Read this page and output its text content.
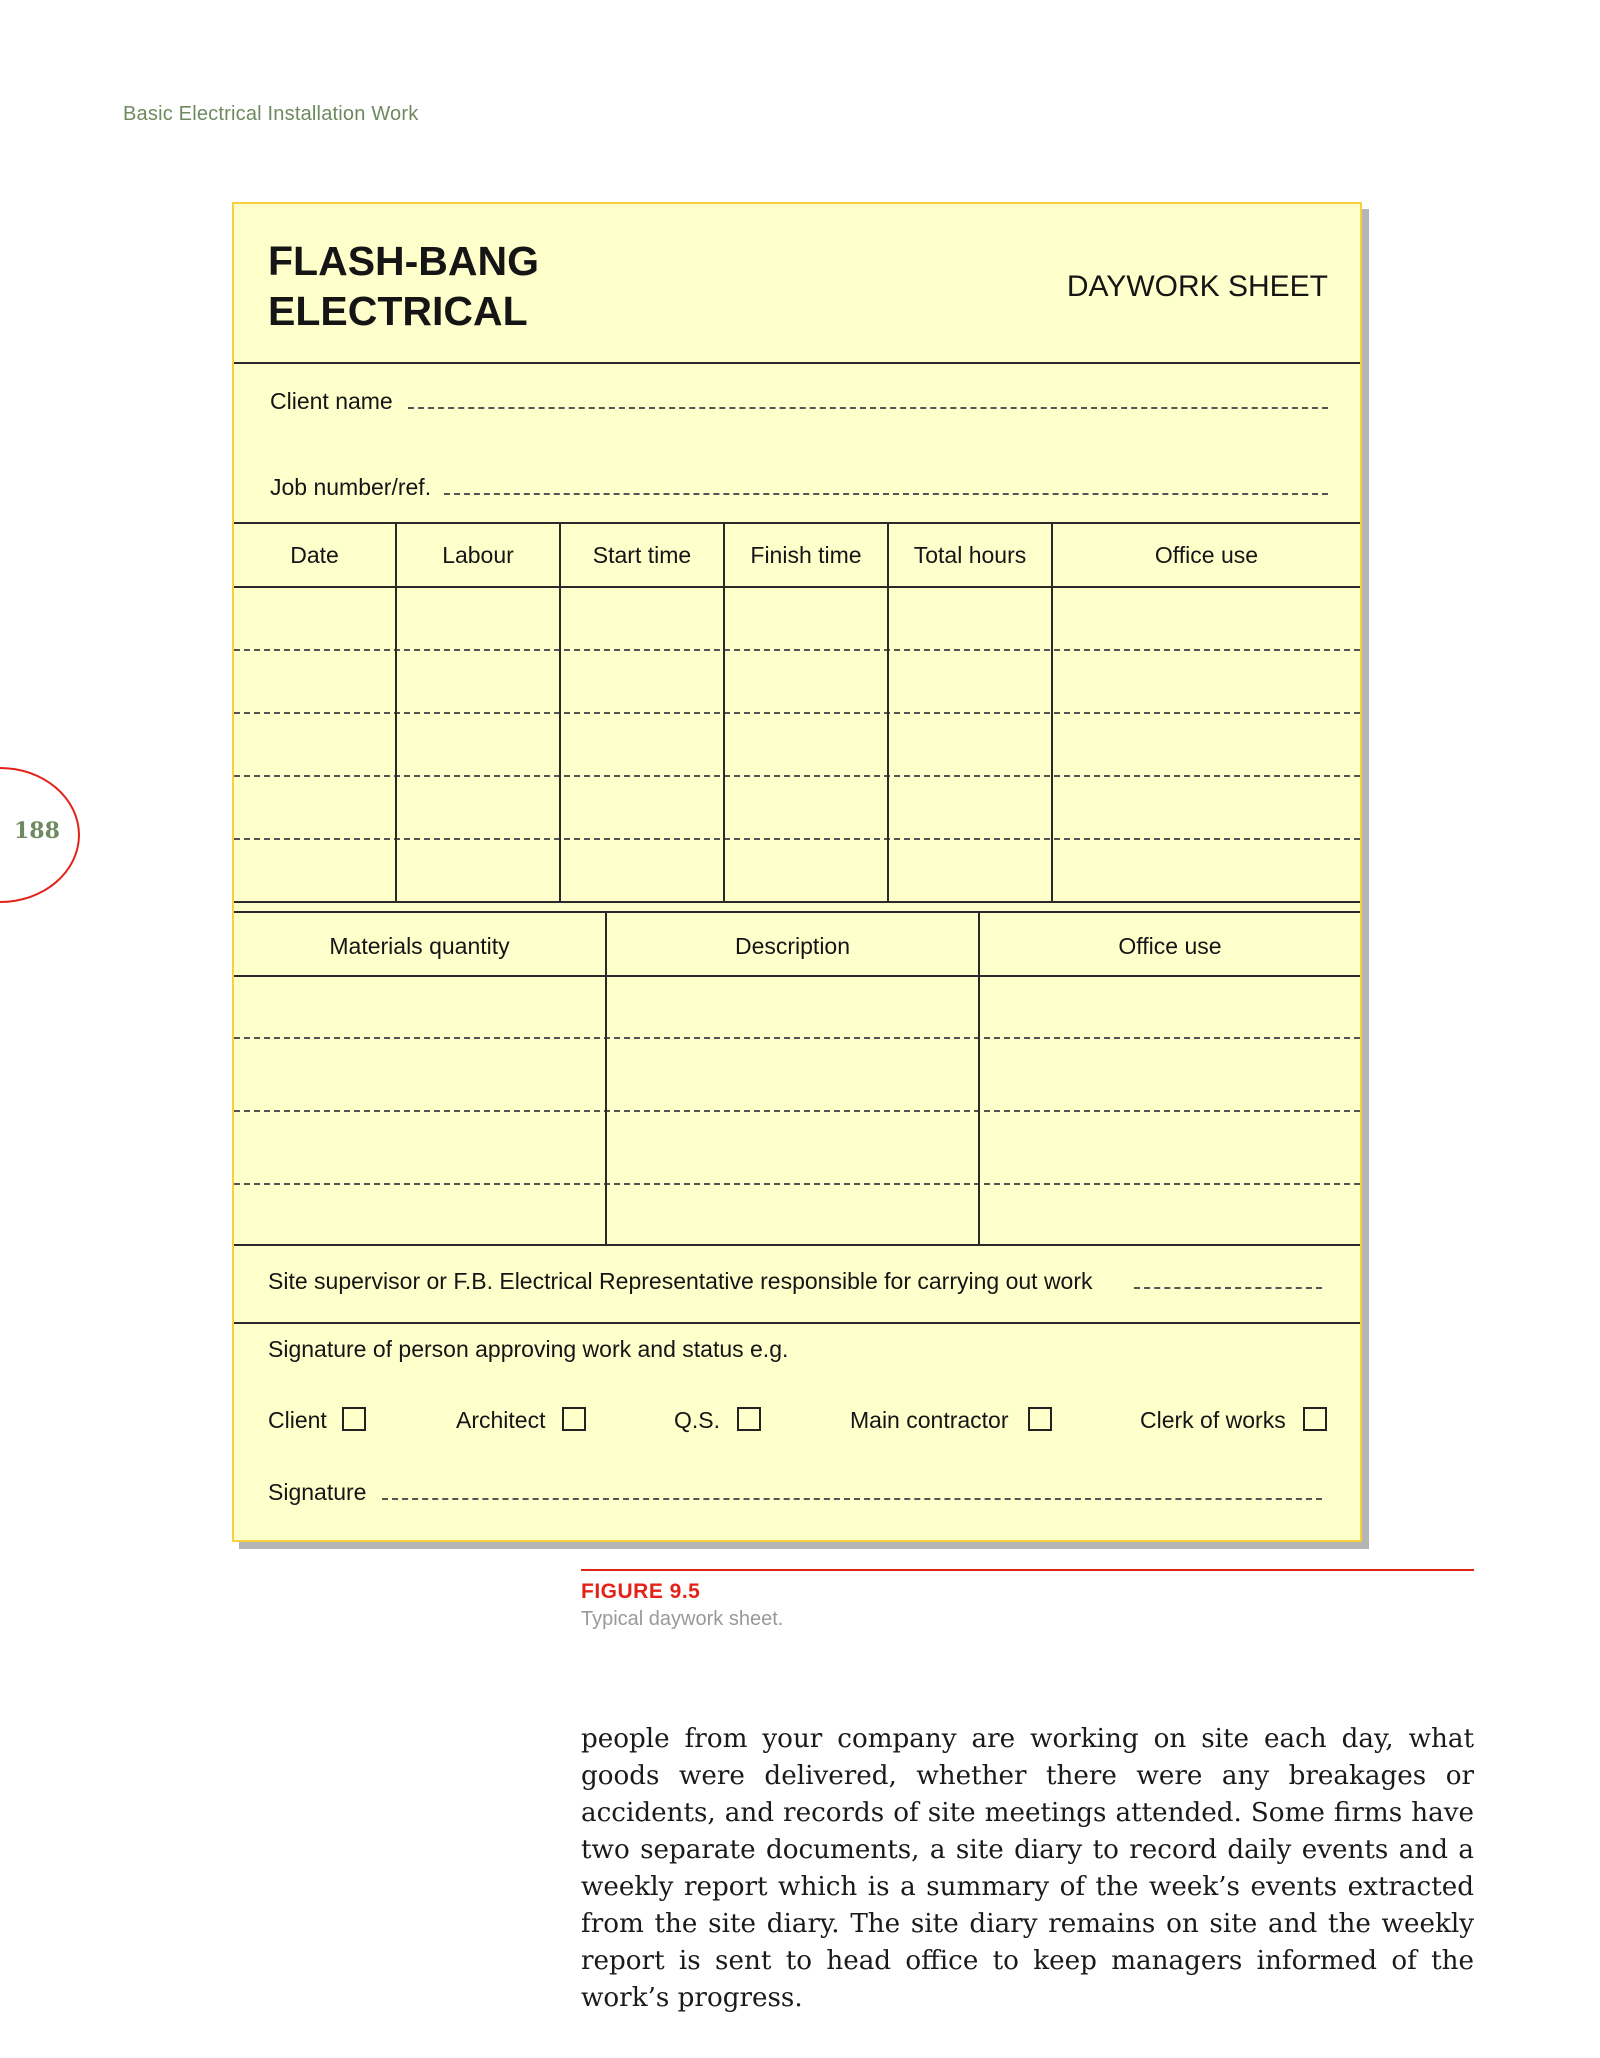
Basic Electrical Installation Work
188
FLASH-BANG
ELECTRICAL
DAYWORK SHEET
Client name
Job number/ref.
Date	Labour	Start time	Finish time	Total hours	Office use
Materials quantity	Description	Office use
Site supervisor or F.B. Electrical Representative responsible for carrying out work
Signature of person approving work and status e.g.
Client	Architect	Q.S.	Main contractor	Clerk of works
Signature
FIGURE 9.5
Typical daywork sheet.
people from your company are working on site each day, what goods were delivered, whether there were any breakages or accidents, and records of site meetings attended. Some firms have two separate documents, a site diary to record daily events and a weekly report which is a summary of the week’s events extracted from the site diary. The site diary remains on site and the weekly report is sent to head office to keep managers informed of the work’s progress.
